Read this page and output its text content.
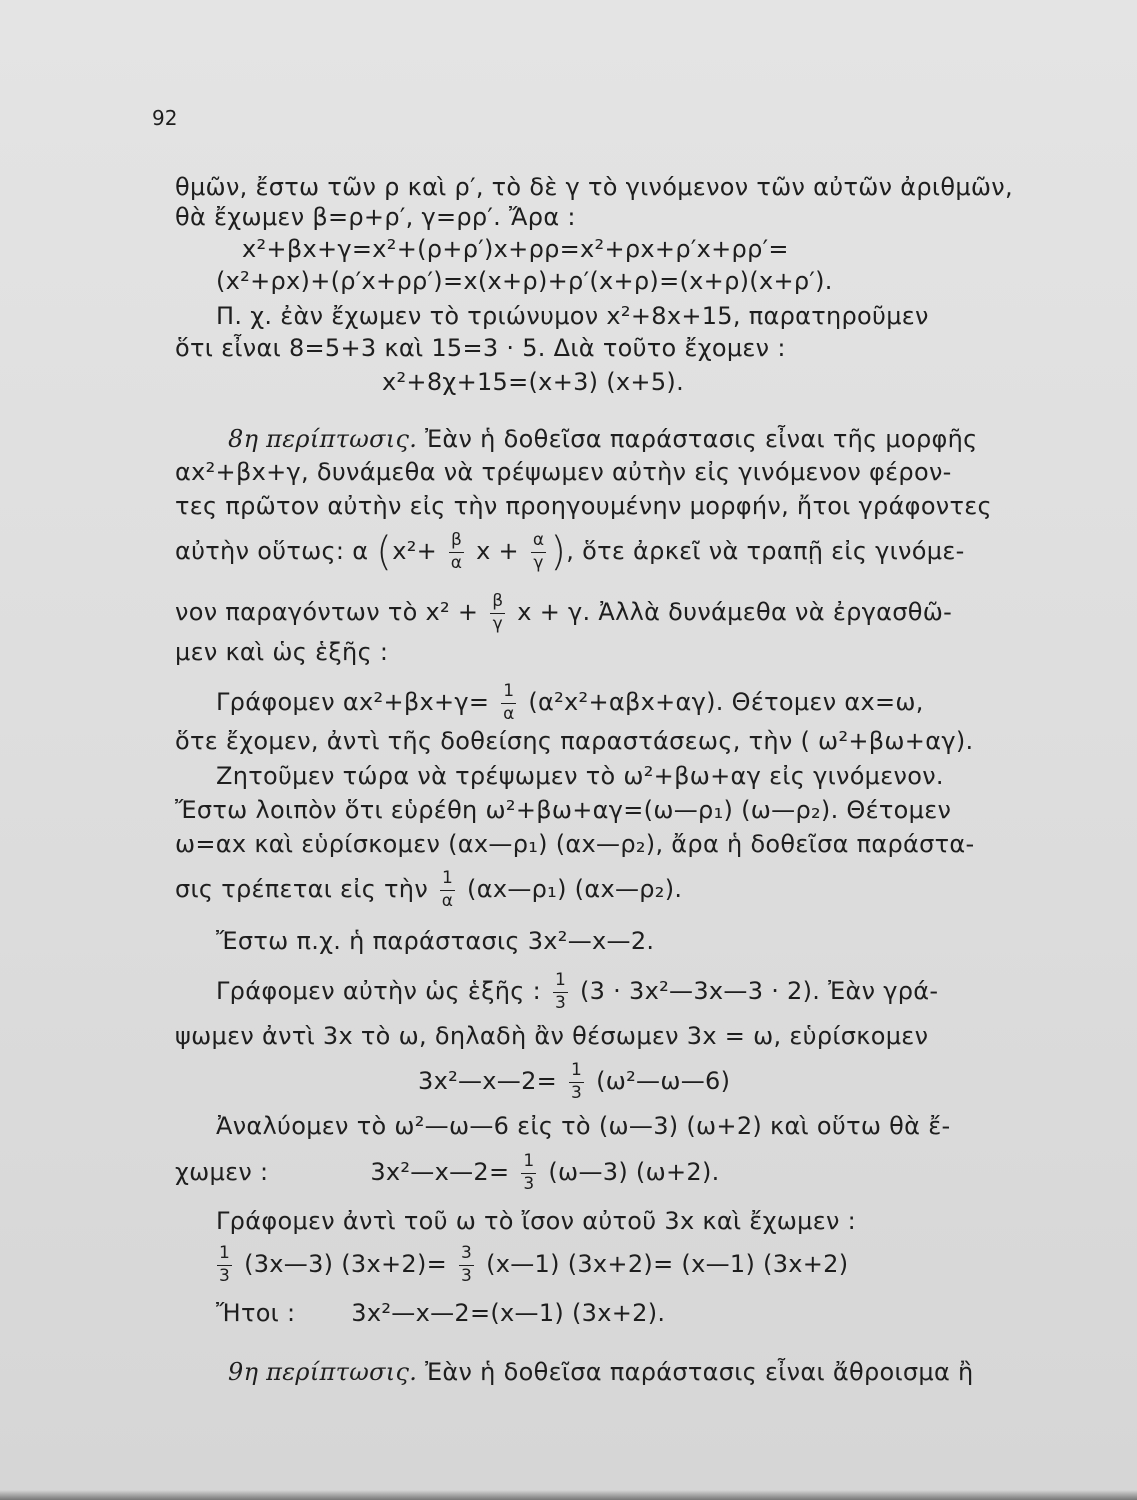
92
θμῶν, ἔστω τῶν ρ καὶ ρ′, τὸ δὲ γ τὸ γινόμενον τῶν αὐτῶν ἀριθμῶν,
θὰ ἔχωμεν β=ρ+ρ′, γ=ρρ′. Ἄρα :
x²+βx+γ=x²+(ρ+ρ′)x+ρρ=x²+ρx+ρ′x+ρρ′=
(x²+ρx)+(ρ′x+ρρ′)=x(x+ρ)+ρ′(x+ρ)=(x+ρ)(x+ρ′).
Π. χ. ἐὰν ἔχωμεν τὸ τριώνυμον x²+8x+15, παρατηροῦμεν
ὅτι εἶναι 8=5+3 καὶ 15=3 · 5. Διὰ τοῦτο ἔχομεν :
x²+8χ+15=(x+3) (x+5).
8η περίπτωσις. Ἐὰν ἡ δοθεῖσα παράστασις εἶναι τῆς μορφῆς
αx²+βx+γ, δυνάμεθα νὰ τρέψωμεν αὐτὴν εἰς γινόμενον φέρον-
τες πρῶτον αὐτὴν εἰς τὴν προηγουμένην μορφήν, ἤτοι γράφοντες
αὐτὴν οὕτως: α ($x^2+ \frac{\beta}{\alpha}$ $x + \frac{\alpha}{\gamma}$ ), ὅτε ἀρκεῖ νὰ τραπῇ εἰς γινόμε-
νον παραγόντων τὸ $x^2 + \frac{\beta}{\gamma}$ x + γ. Ἀλλὰ δυνάμεθα νὰ ἐργασθῶ-
μεν καὶ ὡς ἑξῆς :
Γράφομεν $\alpha x^2+\beta x+\gamma= \frac{1}{\alpha} (\alpha^2x^2+\alpha\beta x+\alpha\gamma)$. Θέτομεν αx=ω,
ὅτε ἔχομεν, ἀντὶ τῆς δοθείσης παραστάσεως, τὴν ( ω²+βω+αγ).
Ζητοῦμεν τώρα νὰ τρέψωμεν τὸ ω²+βω+αγ εἰς γινόμενον.
Ἔστω λοιπὸν ὅτι εὑρέθη ω²+βω+αγ=(ω—ρ₁) (ω—ρ₂). Θέτομεν
ω=αx καὶ εὑρίσκομεν (αx—ρ₁) (αx—ρ₂), ἄρα ἡ δοθεῖσα παράστα-
σις τρέπεται εἰς τὴν $\frac{1}{\alpha}$ (αx—ρ₁) (αx—ρ₂).
Ἔστω π.χ. ἡ παράστασις 3x²—x—2.
Γράφομεν αὐτὴν ὡς ἑξῆς : $\frac{1}{3} (3$ · 3x²—3x—3 · 2). Ἐὰν γρά-
ψωμεν ἀντὶ 3x τὸ ω, δηλαδὴ ἂν θέσωμεν 3x = ω, εὑρίσκομεν
3x²—x—2= $\frac{1}{3}$ (ω²—ω—6)
Ἀναλύομεν τὸ ω²—ω—6 εἰς τὸ (ω—3) (ω+2) καὶ οὕτω θὰ ἔ-
χωμεν :	3x²—x—2= $\frac{1}{3}$ (ω—3) (ω+2).
Γράφομεν ἀντὶ τοῦ ω τὸ ἴσον αὐτοῦ 3x καὶ ἔχωμεν :
$\frac{1}{3}$ (3x—3) $(3x+2)= \frac{3}{3}$ (x—1) (3x+2)= (x—1) (3x+2)
Ἤτοι : 3x²—x—2=(x—1) (3x+2).
9η περίπτωσις. Ἐὰν ἡ δοθεῖσα παράστασις εἶναι ἄθροισμα ἢ
